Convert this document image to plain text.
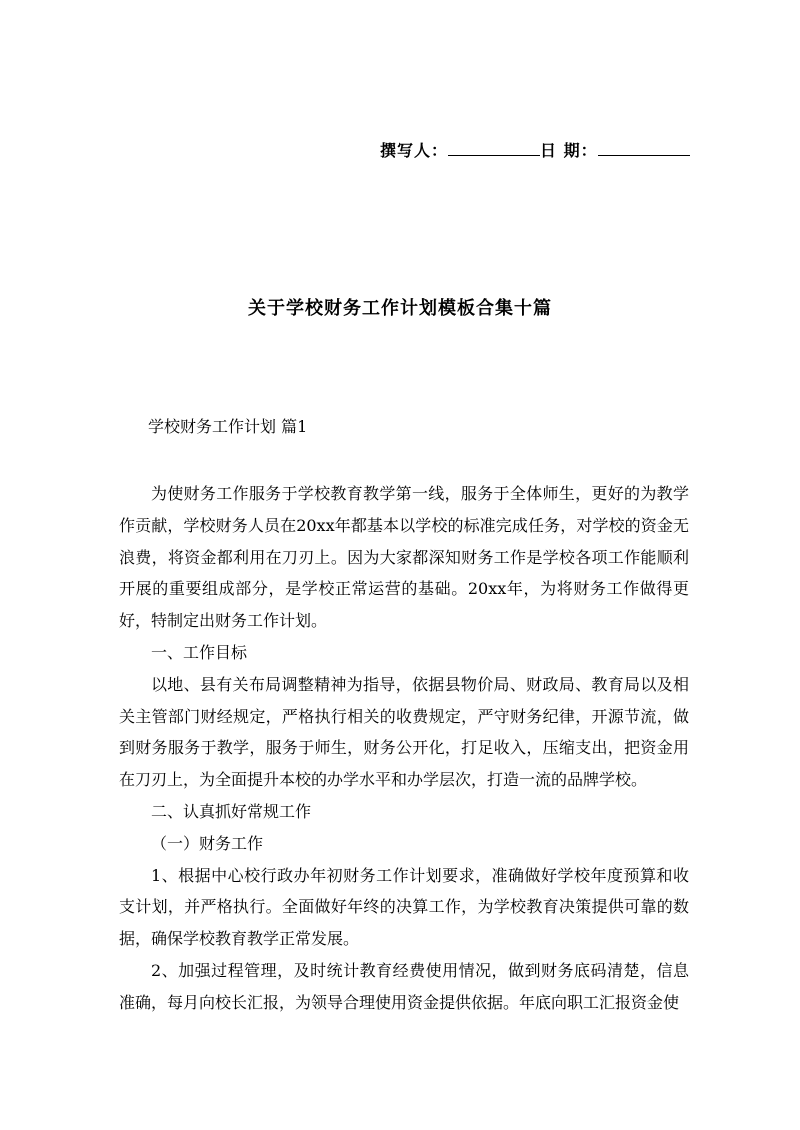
撰写人：	日 期：
关于学校财务工作计划模板合集十篇
学校财务工作计划 篇1

为使财务工作服务于学校教育教学第一线，服务于全体师生，更好的为教学作贡献，学校财务人员在20xx年都基本以学校的标准完成任务，对学校的资金无浪费，将资金都利用在刀刃上。因为大家都深知财务工作是学校各项工作能顺利开展的重要组成部分，是学校正常运营的基础。20xx年，为将财务工作做得更好，特制定出财务工作计划。

一、工作目标

以地、县有关布局调整精神为指导，依据县物价局、财政局、教育局以及相关主管部门财经规定，严格执行相关的收费规定，严守财务纪律，开源节流，做到财务服务于教学，服务于师生，财务公开化，打足收入，压缩支出，把资金用在刀刃上，为全面提升本校的办学水平和办学层次，打造一流的品牌学校。

二、认真抓好常规工作

（一）财务工作

1、根据中心校行政办年初财务工作计划要求，准确做好学校年度预算和收支计划，并严格执行。全面做好年终的决算工作，为学校教育决策提供可靠的数据，确保学校教育教学正常发展。

2、加强过程管理，及时统计教育经费使用情况，做到财务底码清楚，信息准确，每月向校长汇报，为领导合理使用资金提供依据。年底向职工汇报资金使
